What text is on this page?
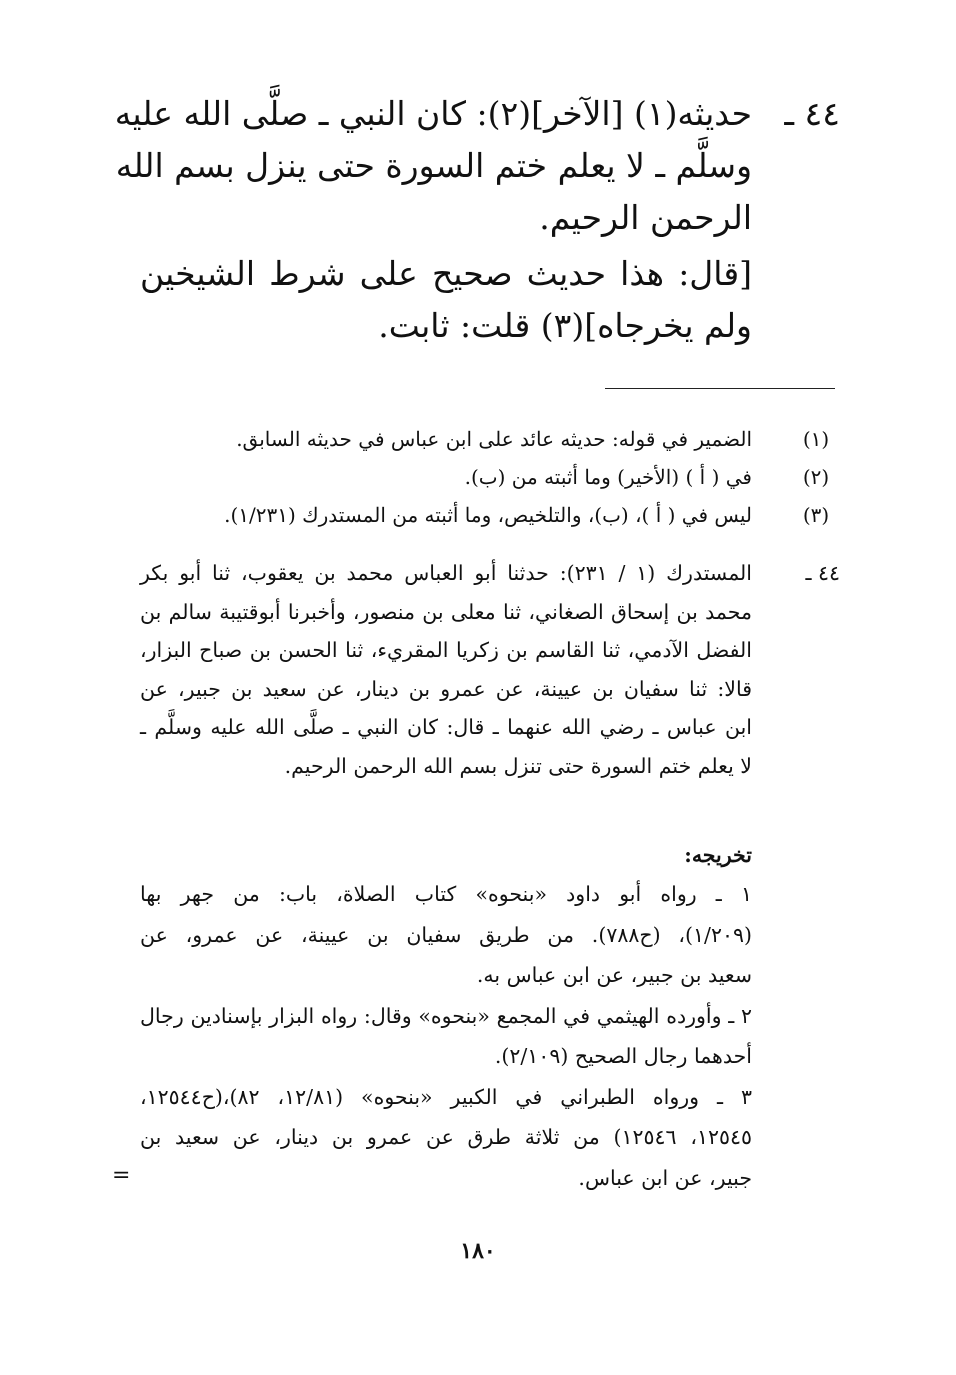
٤٤ ـ
حديثه(١) [الآخر](٢): كان النبي ـ صلَّى الله عليه
وسلَّم ـ لا يعلم ختم السورة حتى ينزل بسم الله
الرحمن الرحيم.
[قال: هذا حديث صحيح على شرط الشيخين
ولم يخرجاه](٣) قلت: ثابت.
(١)
الضمير في قوله: حديثه عائد على ابن عباس في حديثه السابق.
(٢)
في ( أ ) (الأخير) وما أثبته من (ب).
(٣)
ليس في ( أ )، (ب)، والتلخيص، وما أثبته من المستدرك (١/٢٣١).
٤٤ ـ
المستدرك (١ / ٢٣١): حدثنا أبو العباس محمد بن يعقوب، ثنا أبو بكر
محمد بن إسحاق الصغاني، ثنا معلى بن منصور، وأخبرنا أبوقتيبة سالم بن
الفضل الآدمي، ثنا القاسم بن زكريا المقريء، ثنا الحسن بن صباح البزار،
قالا: ثنا سفيان بن عيينة، عن عمرو بن دينار، عن سعيد بن جبير، عن
ابن عباس ـ رضي الله عنهما ـ قال: كان النبي ـ صلَّى الله عليه وسلَّم ـ
لا يعلم ختم السورة حتى تنزل بسم الله الرحمن الرحيم.
تخريجه:
١ ـ رواه أبو داود «بنحوه» كتاب الصلاة، باب: من جهر بها
(١/٢٠٩)، (ح٧٨٨). من طريق سفيان بن عيينة، عن عمرو، عن
سعيد بن جبير، عن ابن عباس به.
٢ ـ وأورده الهيثمي في المجمع «بنحوه» وقال: رواه البزار بإسنادين رجال
أحدهما رجال الصحيح (٢/١٠٩).
٣ ـ ورواه الطبراني في الكبير «بنحوه» (١٢/٨١، ٨٢)،(ح١٢٥٤٤،
١٢٥٤٥، ١٢٥٤٦) من ثلاثة طرق عن عمرو بن دينار، عن سعيد بن
جبير، عن ابن عباس.
=
١٨٠
